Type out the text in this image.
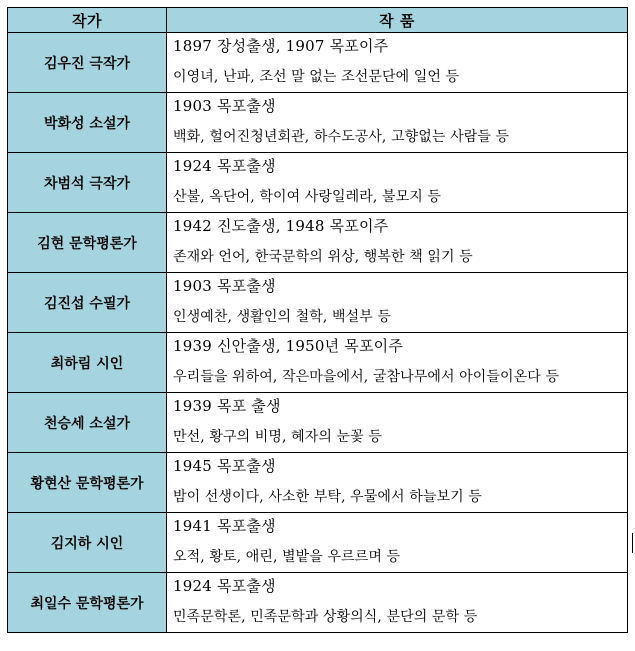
작가	작 품
김우진 극작가	1897 장성출생, 1907 목포이주
이영녀, 난파, 조선 말 없는 조선문단에 일언 등

박화성 소설가	1903 목포출생
백화, 헐어진청년회관, 하수도공사, 고향없는 사람들 등

차범석 극작가	1924 목포출생
산불, 옥단어, 학이여 사랑일레라, 불모지 등

김현 문학평론가	1942 진도출생, 1948 목포이주
존재와 언어, 한국문학의 위상, 행복한 책 읽기 등

김진섭 수필가	1903 목포출생
인생예찬, 생활인의 철학, 백설부 등

최하림 시인	1939 신안출생, 1950년 목포이주
우리들을 위하여, 작은마을에서, 굴참나무에서 아이들이온다 등

천승세 소설가	1939 목포 출생
만선, 황구의 비명, 혜자의 눈꽃 등

황현산 문학평론가	1945 목포출생
밤이 선생이다, 사소한 부탁, 우물에서 하늘보기 등

김지하 시인	1941 목포출생
오적, 황토, 애린, 별밭을 우르르며 등

최일수 문학평론가	1924 목포출생
민족문학론, 민족문학과 상황의식, 분단의 문학 등
